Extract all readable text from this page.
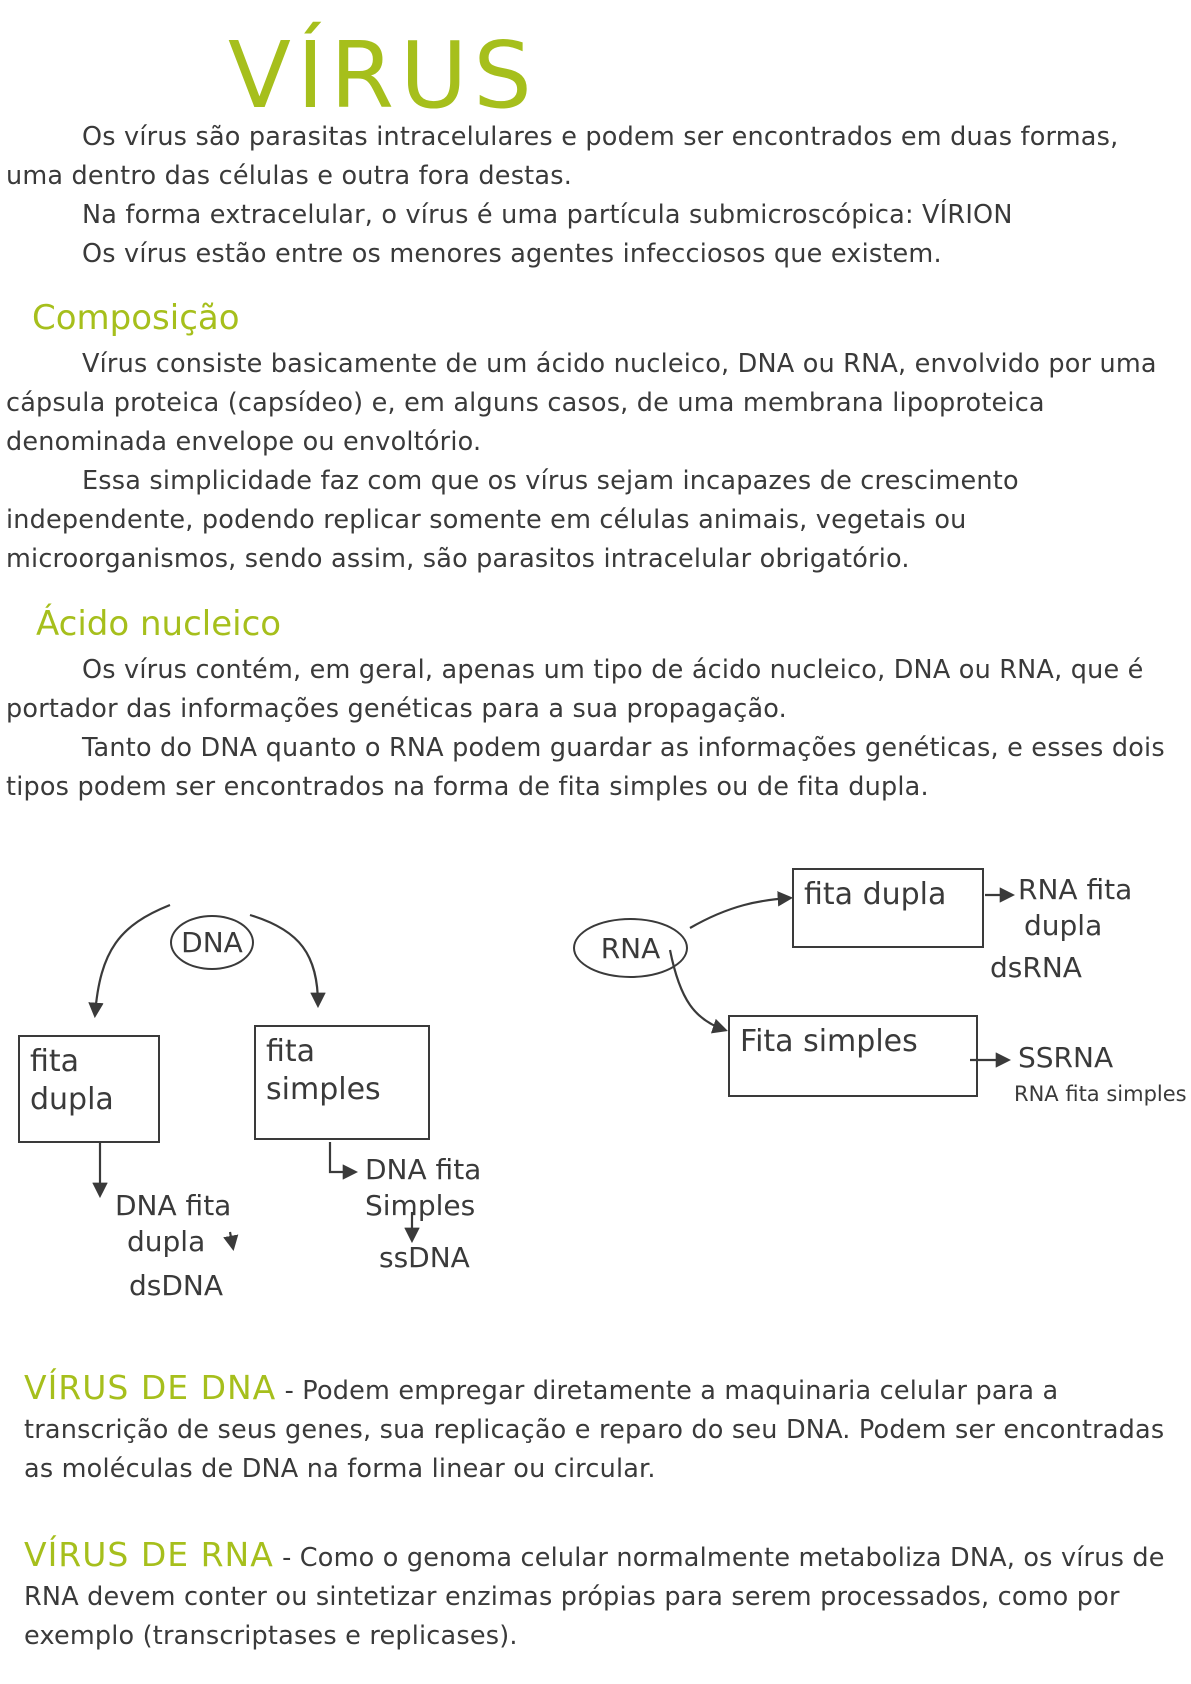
VÍRUS

Os vírus são parasitas intracelulares e podem ser encontrados em duas formas, uma dentro das células e outra fora destas.

Na forma extracelular, o vírus é uma partícula submicroscópica: VÍRION

Os vírus estão entre os menores agentes infecciosos que existem.

Composição

Vírus consiste basicamente de um ácido nucleico, DNA ou RNA, envolvido por uma cápsula proteica (capsídeo) e, em alguns casos, de uma membrana lipoproteica denominada envelope ou envoltório.

Essa simplicidade faz com que os vírus sejam incapazes de crescimento independente, podendo replicar somente em células animais, vegetais ou microorganismos, sendo assim, são parasitos intracelular obrigatório.

Ácido nucleico

Os vírus contém, em geral, apenas um tipo de ácido nucleico, DNA ou RNA, que é portador das informações genéticas para a sua propagação.

Tanto do DNA quanto o RNA podem guardar as informações genéticas, e esses dois tipos podem ser encontrados na forma de fita simples ou de fita dupla.

DNA
fita dupla
fita simples
DNA fita
dupla
dsDNA
DNA fita
Simples
ssDNA
RNA
fita dupla
Fita simples
RNA fita
dupla
dsRNA
SSRNA
RNA fita simples

VÍRUS DE DNA - Podem empregar diretamente a maquinaria celular para a transcrição de seus genes, sua replicação e reparo do seu DNA. Podem ser encontradas as moléculas de DNA na forma linear ou circular.

VÍRUS DE RNA - Como o genoma celular normalmente metaboliza DNA, os vírus de RNA devem conter ou sintetizar enzimas própias para serem processados, como por exemplo (transcriptases e replicases).
